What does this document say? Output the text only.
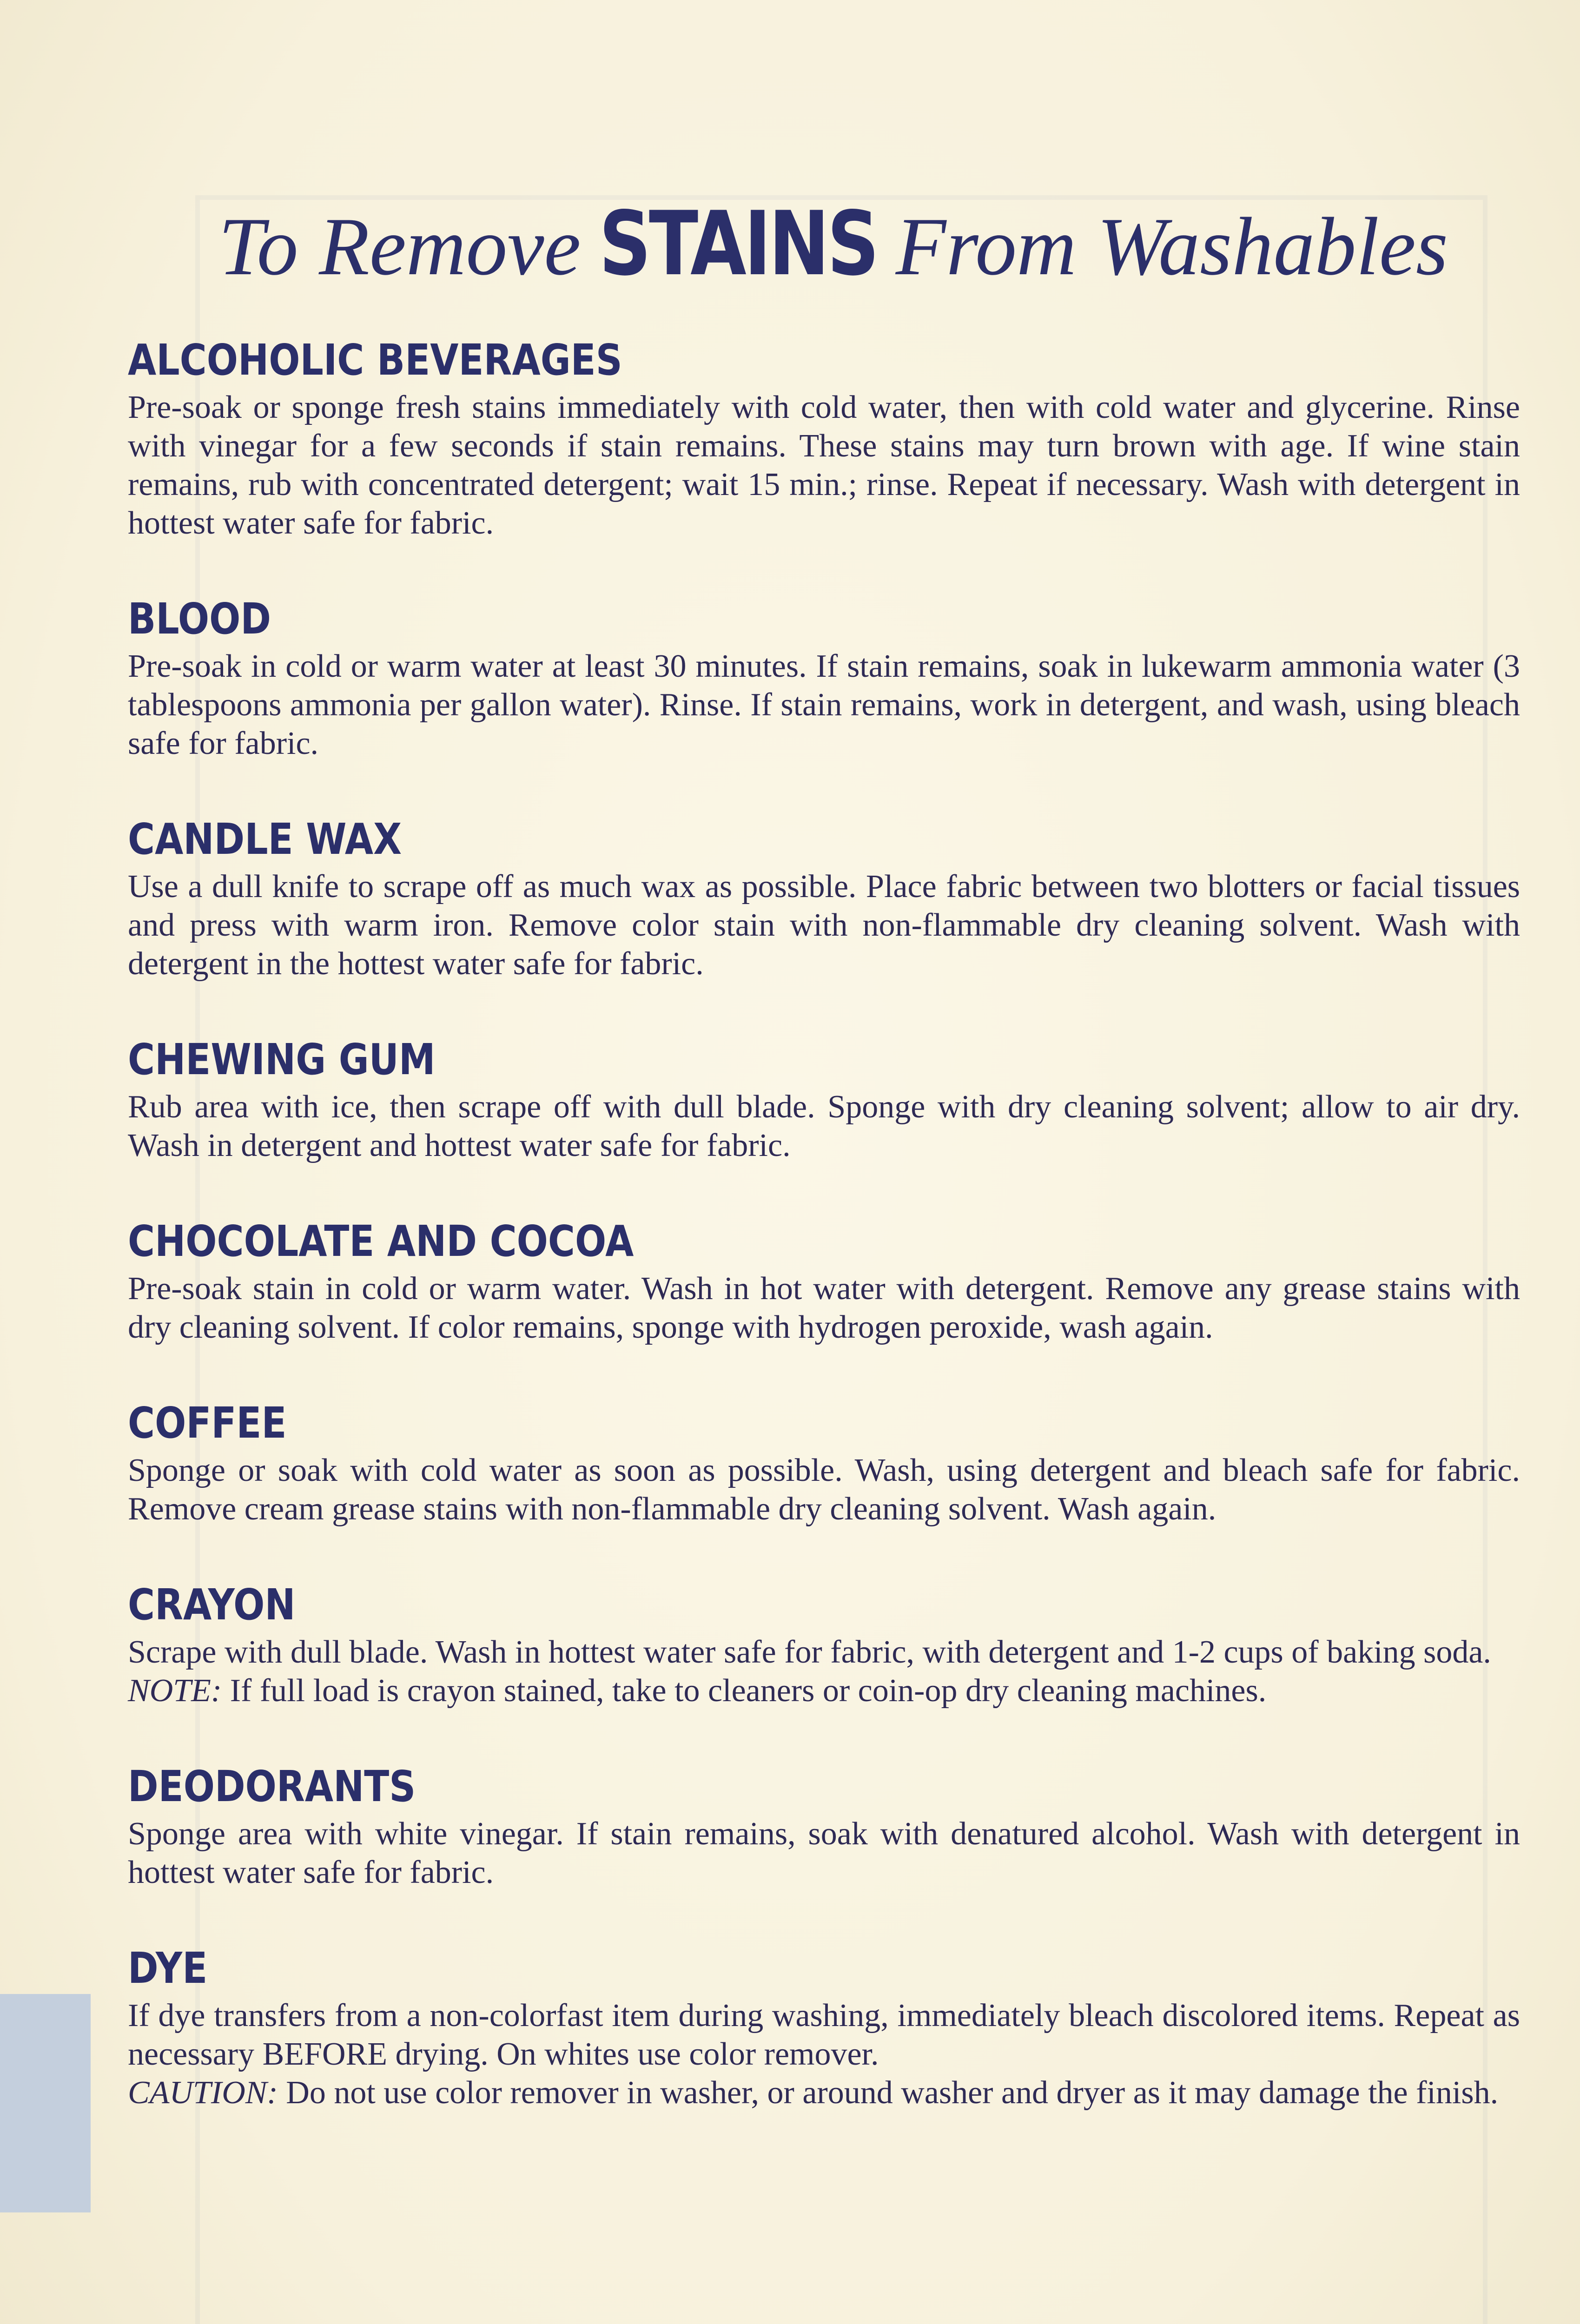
To Remove STAINS From Washables
ALCOHOLIC BEVERAGES
Pre-soak or sponge fresh stains immediately with cold water, then with cold water and glycerine. Rinse with vinegar for a few seconds if stain remains. These stains may turn brown with age. If wine stain remains, rub with concentrated detergent; wait 15 min.; rinse. Repeat if necessary. Wash with detergent in hottest water safe for fabric.
BLOOD
Pre-soak in cold or warm water at least 30 minutes. If stain remains, soak in lukewarm ammonia water (3 tablespoons ammonia per gallon water). Rinse. If stain remains, work in detergent, and wash, using bleach safe for fabric.
CANDLE WAX
Use a dull knife to scrape off as much wax as possible. Place fabric between two blotters or facial tissues and press with warm iron. Remove color stain with non-flammable dry cleaning solvent. Wash with detergent in the hottest water safe for fabric.
CHEWING GUM
Rub area with ice, then scrape off with dull blade. Sponge with dry cleaning solvent; allow to air dry. Wash in detergent and hottest water safe for fabric.
CHOCOLATE AND COCOA
Pre-soak stain in cold or warm water. Wash in hot water with detergent. Remove any grease stains with dry cleaning solvent. If color remains, sponge with hydrogen peroxide, wash again.
COFFEE
Sponge or soak with cold water as soon as possible. Wash, using detergent and bleach safe for fabric. Remove cream grease stains with non-flammable dry cleaning solvent. Wash again.
CRAYON
Scrape with dull blade. Wash in hottest water safe for fabric, with detergent and 1-2 cups of baking soda.
NOTE: If full load is crayon stained, take to cleaners or coin-op dry cleaning machines.
DEODORANTS
Sponge area with white vinegar. If stain remains, soak with denatured alcohol. Wash with detergent in hottest water safe for fabric.
DYE
If dye transfers from a non-colorfast item during washing, immediately bleach discolored items. Repeat as necessary BEFORE drying. On whites use color remover.
CAUTION: Do not use color remover in washer, or around washer and dryer as it may damage the finish.
